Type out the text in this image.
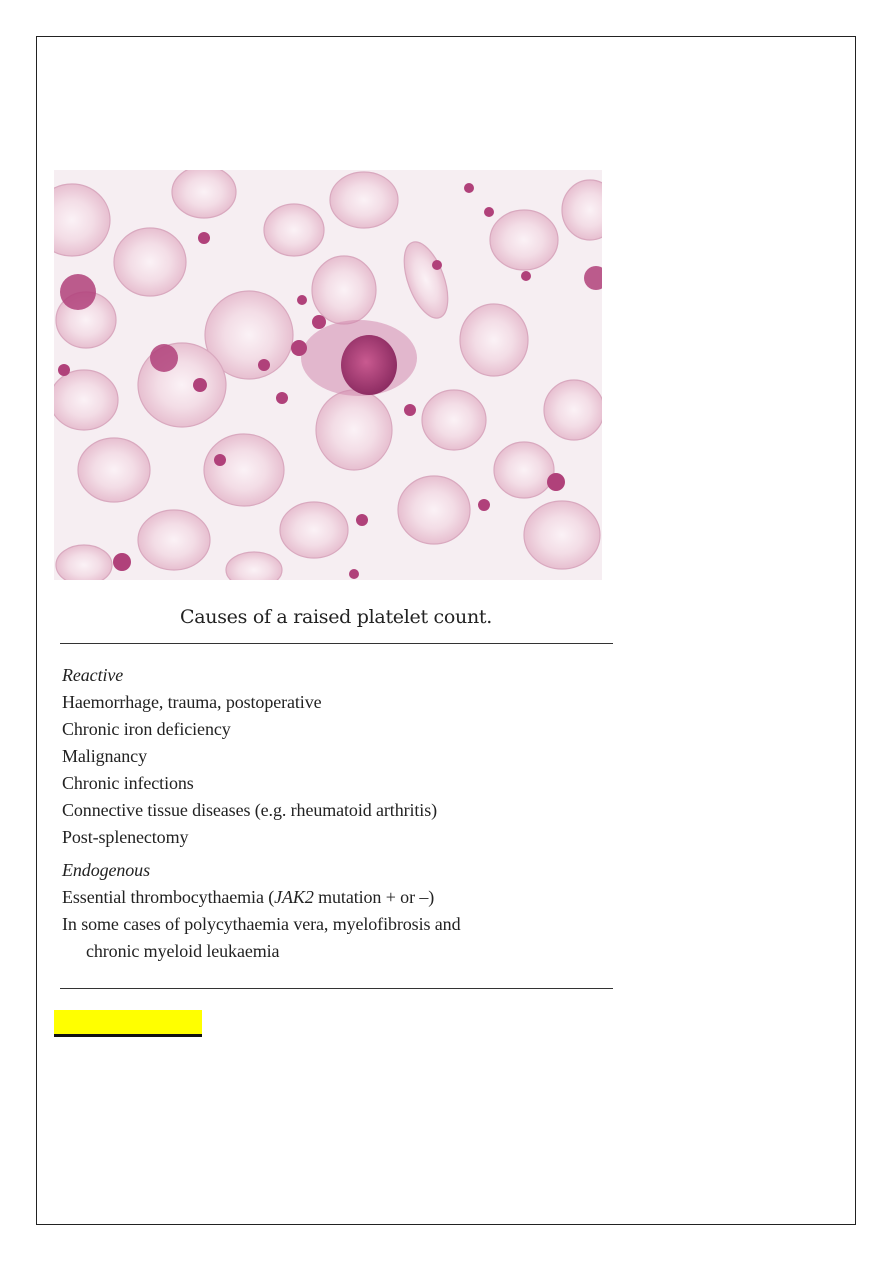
Causes of a raised platelet count.
Reactive
Haemorrhage, trauma, postoperative
Chronic iron deficiency
Malignancy
Chronic infections
Connective tissue diseases (e.g. rheumatoid arthritis)
Post-splenectomy
Endogenous
Essential thrombocythaemia (JAK2 mutation + or –)
In some cases of polycythaemia vera, myelofibrosis and
chronic myeloid leukaemia
